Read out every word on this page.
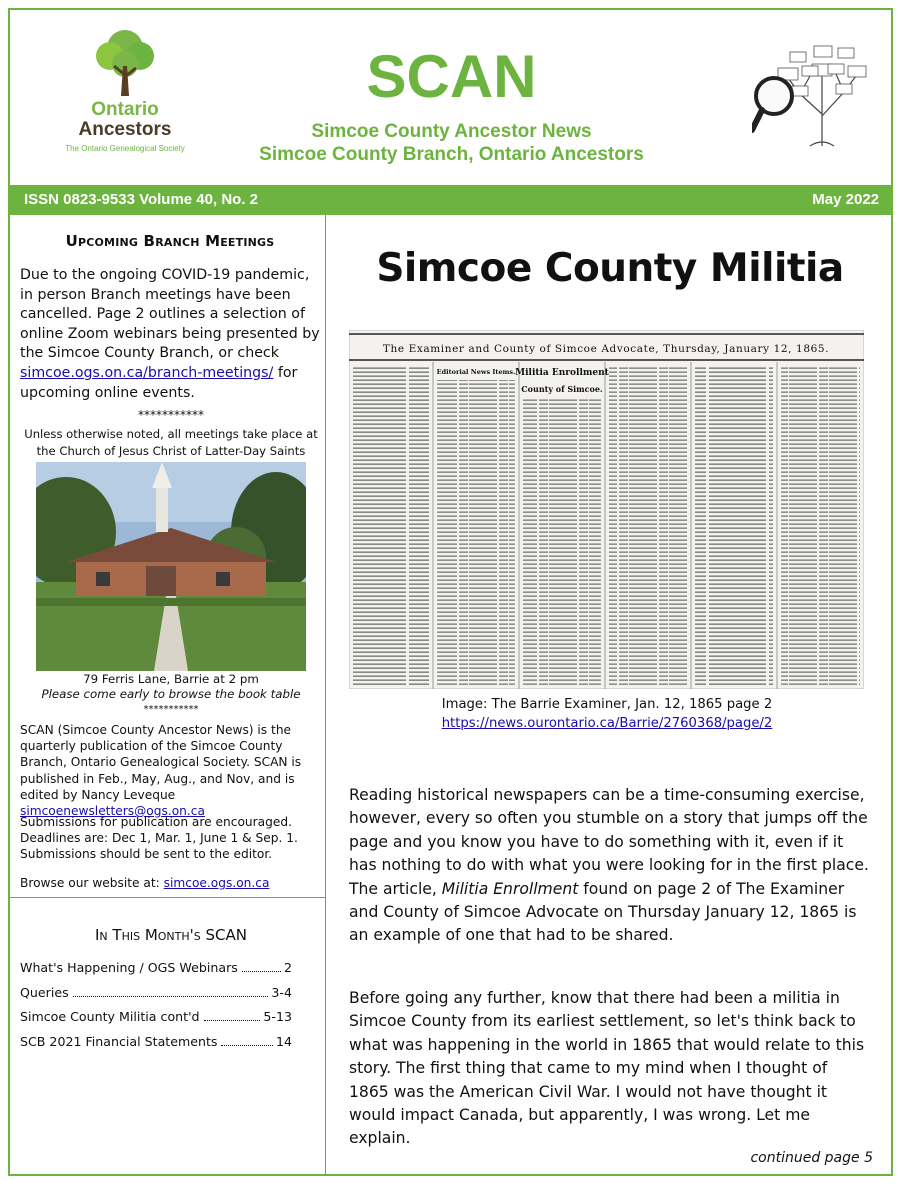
Ontario
Ancestors
The Ontario Genealogical Society
SCAN
Simcoe County Ancestor News
Simcoe County Branch, Ontario Ancestors
ISSN 0823-9533 Volume 40, No. 2	May 2022
Upcoming Branch Meetings
Due to the ongoing COVID-19 pandemic, in person Branch meetings have been cancelled. Page 2 outlines a selection of online Zoom webinars being presented by the Simcoe County Branch, or check simcoe.ogs.on.ca/branch-meetings/ for upcoming online events.
***********
Unless otherwise noted, all meetings take place at the Church of Jesus Christ of Latter-Day Saints
79 Ferris Lane, Barrie at 2 pm
Please come early to browse the book table
***********
SCAN (Simcoe County Ancestor News) is the quarterly publication of the Simcoe County Branch, Ontario Genealogical Society. SCAN is published in Feb., May, Aug., and Nov, and is edited by Nancy Leveque
simcoenewsletters@ogs.on.ca
Submissions for publication are encouraged. Deadlines are: Dec 1, Mar. 1, June 1 & Sep. 1. Submissions should be sent to the editor.
Browse our website at: simcoe.ogs.on.ca
In This Month's SCAN
What's Happening / OGS Webinars	2
Queries	3-4
Simcoe County Militia cont'd	5-13
SCB 2021 Financial Statements	14
Simcoe County Militia
The Examiner and County of Simcoe Advocate, Thursday, January 12, 1865.
Editorial News Items. Militia Enrollment
County of Simcoe.
Image: The Barrie Examiner, Jan. 12, 1865 page 2
https://news.ourontario.ca/Barrie/2760368/page/2
Reading historical newspapers can be a time-consuming exercise, however, every so often you stumble on a story that jumps off the page and you know you have to do something with it, even if it has nothing to do with what you were looking for in the first place. The article, Militia Enrollment found on page 2 of The Examiner and County of Simcoe Advocate on Thursday January 12, 1865 is an example of one that had to be shared.
Before going any further, know that there had been a militia in Simcoe County from its earliest settlement, so let's think back to what was happening in the world in 1865 that would relate to this story. The first thing that came to my mind when I thought of 1865 was the American Civil War. I would not have thought it would impact Canada, but apparently, I was wrong. Let me explain.
continued page 5
